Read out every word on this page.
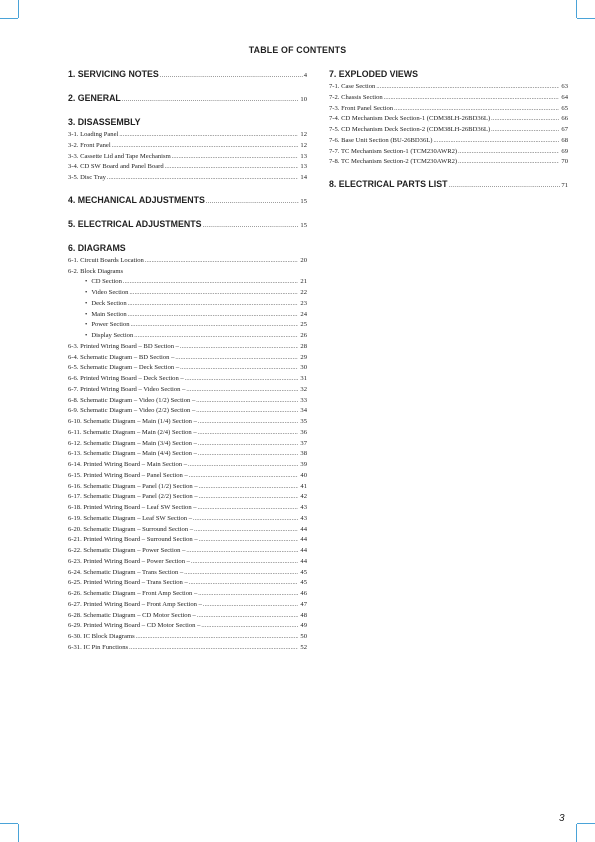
TABLE OF CONTENTS
1. SERVICING NOTES .....	4
2. GENERAL .....	10
3. DISASSEMBLY
3-1. Loading Panel .....	12
3-2. Front Panel .....	12
3-3. Cassette Lid and Tape Mechanism .....	13
3-4. CD SW Board and Panel Board .....	13
3-5. Disc Tray .....	14
4. MECHANICAL ADJUSTMENTS .....	15
5. ELECTRICAL ADJUSTMENTS .....	15
6. DIAGRAMS
6-1. Circuit Boards Location .....	20
6-2. Block Diagrams
• CD Section .....	21
• Video Section .....	22
• Deck Section .....	23
• Main Section .....	24
• Power Section .....	25
• Display Section .....	26
6-3. Printed Wiring Board – BD Section – .....	28
6-4. Schematic Diagram – BD Section – .....	29
6-5. Schematic Diagram – Deck Section – .....	30
6-6. Printed Wiring Board – Deck Section – .....	31
6-7. Printed Wiring Board – Video Section – .....	32
6-8. Schematic Diagram – Video (1/2) Section – .....	33
6-9. Schematic Diagram – Video (2/2) Section – .....	34
6-10. Schematic Diagram – Main (1/4) Section – .....	35
6-11. Schematic Diagram – Main (2/4) Section – .....	36
6-12. Schematic Diagram – Main (3/4) Section – .....	37
6-13. Schematic Diagram – Main (4/4) Section – .....	38
6-14. Printed Wiring Board – Main Section – .....	39
6-15. Printed Wiring Board – Panel Section – .....	40
6-16. Schematic Diagram – Panel (1/2) Section – .....	41
6-17. Schematic Diagram – Panel (2/2) Section – .....	42
6-18. Printed Wiring Board – Leaf SW Section – .....	43
6-19. Schematic Diagram – Leaf SW Section – .....	43
6-20. Schematic Diagram – Surround Section – .....	44
6-21. Printed Wiring Board – Surround Section – .....	44
6-22. Schematic Diagram – Power Section – .....	44
6-23. Printed Wiring Board – Power Section – .....	44
6-24. Schematic Diagram – Trans Section – .....	45
6-25. Printed Wiring Board – Trans Section – .....	45
6-26. Schematic Diagram – Front Amp Section – .....	46
6-27. Printed Wiring Board – Front Amp Section – .....	47
6-28. Schematic Diagram – CD Motor Section – .....	48
6-29. Printed Wiring Board – CD Motor Section – .....	49
6-30. IC Block Diagrams .....	50
6-31. IC Pin Functions .....	52
7. EXPLODED VIEWS
7-1. Case Section .....	63
7-2. Chassis Section .....	64
7-3. Front Panel Section .....	65
7-4. CD Mechanism Deck Section-1 (CDM38LH-26BD36L) .....	66
7-5. CD Mechanism Deck Section-2 (CDM38LH-26BD36L) .....	67
7-6. Base Unit Section (BU-26BD36L) .....	68
7-7. TC Mechanism Section-1 (TCM230AWR2) .....	69
7-8. TC Mechanism Section-2 (TCM230AWR2) .....	70
8. ELECTRICAL PARTS LIST .....	71
3
